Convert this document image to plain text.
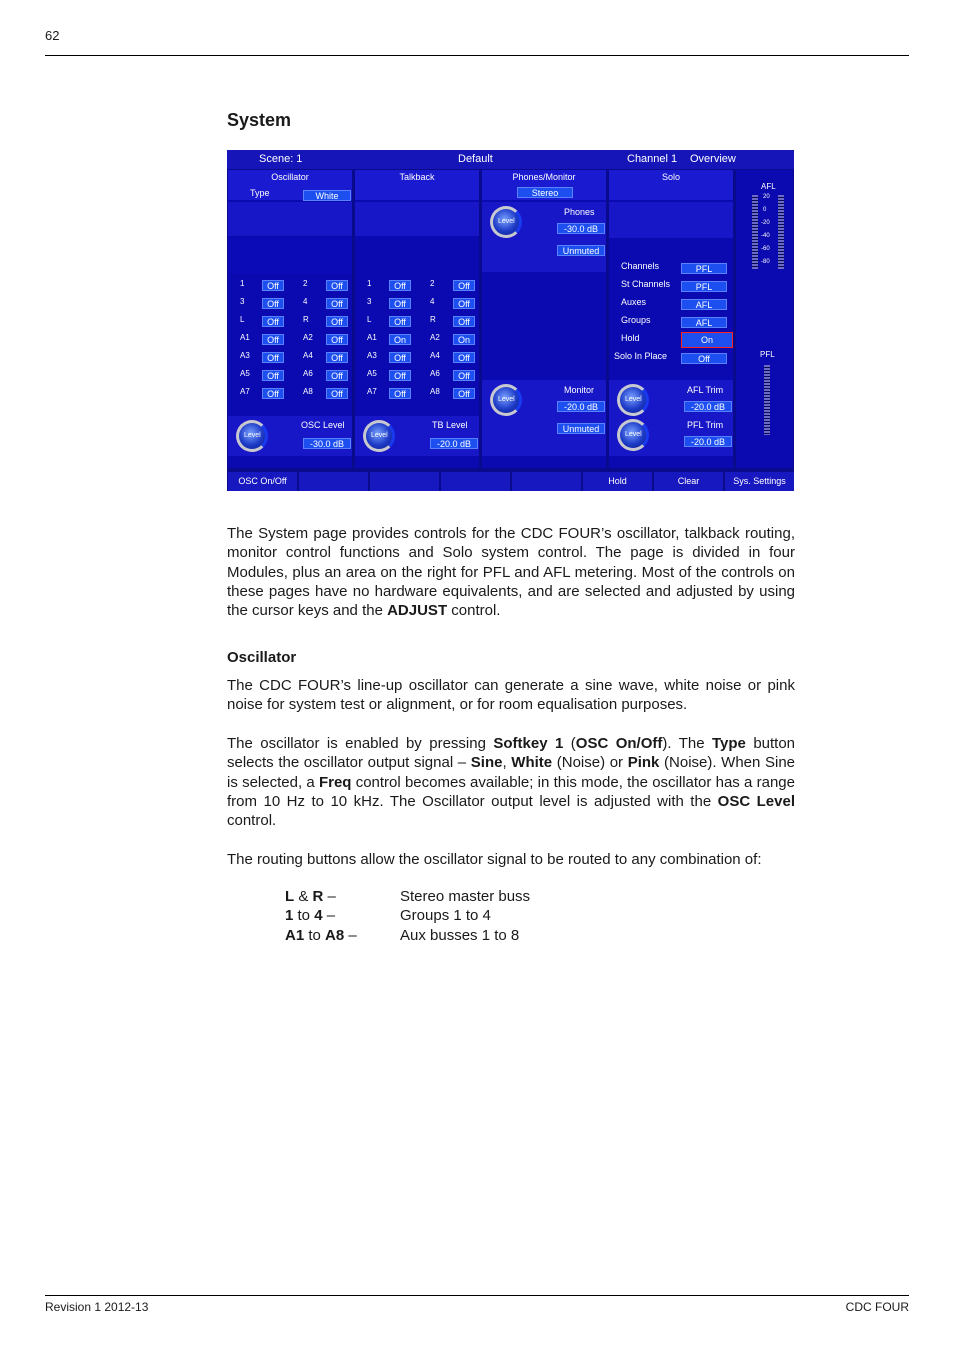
62
System
Scene: 1	Default	Channel 1 Overview
Oscillator
Type	White
1	Off	2	Off
3	Off	4	Off
L	Off	R	Off
A1	Off	A2	Off
A3	Off	A4	Off
A5	Off	A6	Off
A7	Off	A8	Off
Level
OSC Level
-30.0 dB
Talkback
1	Off	2	Off
3	Off	4	Off
L	Off	R	Off
A1	On	A2	On
A3	Off	A4	Off
A5	Off	A6	Off
A7	Off	A8	Off
Level
TB Level
-20.0 dB
Phones/Monitor
Stereo
Level
Phones
-30.0 dB
Unmuted
Level
Monitor
-20.0 dB
Unmuted
Solo
Channels	PFL
St Channels	PFL
Auxes	AFL
Groups	AFL
Hold	On
Solo In Place	Off
Level
AFL Trim
-20.0 dB
Level
PFL Trim
-20.0 dB
AFL
20
0
-20
-40
-60
-80
PFL
OSC On/Off	Hold	Clear	Sys. Settings
The System page provides controls for the CDC FOUR’s oscillator, talkback routing, monitor control functions and Solo system control. The page is divided in four Modules, plus an area on the right for PFL and AFL metering. Most of the controls on these pages have no hardware equivalents, and are selected and adjusted by using the cursor keys and the ADJUST control.
Oscillator
The CDC FOUR’s line-up oscillator can generate a sine wave, white noise or pink noise for system test or alignment, or for room equalisation purposes.
The oscillator is enabled by pressing Softkey 1 (OSC On/Off). The Type button selects the oscillator output signal – Sine, White (Noise) or Pink (Noise). When Sine is selected, a Freq control becomes available; in this mode, the oscillator has a range from 10 Hz to 10 kHz. The Oscillator output level is adjusted with the OSC Level control.
The routing buttons allow the oscillator signal to be routed to any combination of:
L & R –	Stereo master buss
1 to 4 –	Groups 1 to 4
A1 to A8 –	Aux busses 1 to 8
Revision 1 2012-13	CDC FOUR
